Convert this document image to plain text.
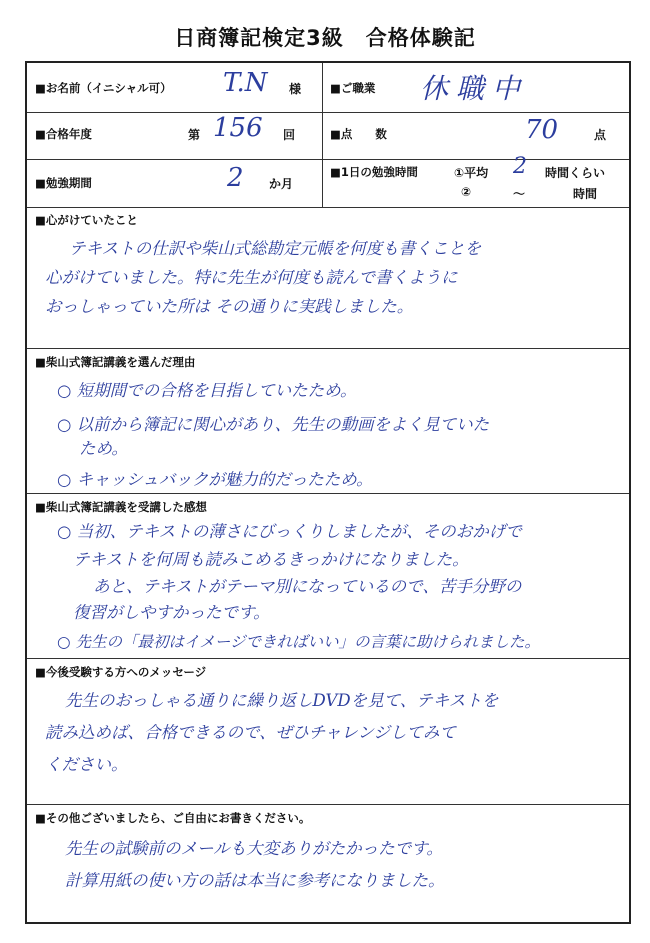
日商簿記検定3級　合格体験記
■お名前（イニシャル可） T.N 様	■ご職業 休職中
■合格年度	第 156 回	■点　　数	70	点
■勉強期間	2 か月
■1日の勉強時間	①平均 2 時間くらい
②	～	時間
■心がけていたこと
テキストの仕訳や柴山式総勘定元帳を何度も書くことを
心がけていました。特に先生が何度も読んで書くように
おっしゃっていた所は その通りに実践しました。
■柴山式簿記講義を選んだ理由
○ 短期間での合格を目指していたため。
○ 以前から簿記に関心があり、先生の動画をよく見ていた
ため。
○ キャッシュバックが魅力的だったため。
■柴山式簿記講義を受講した感想
○ 当初、テキストの薄さにびっくりしましたが、そのおかげで
テキストを何周も読みこめるきっかけになりました。
あと、テキストがテーマ別になっているので、苦手分野の
復習がしやすかったです。
○ 先生の「最初はイメージできればいい」の言葉に助けられました。
■今後受験する方へのメッセージ
先生のおっしゃる通りに繰り返しDVDを見て、テキストを
読み込めば、合格できるので、ぜひチャレンジしてみて
ください。
■その他ございましたら、ご自由にお書きください。
先生の試験前のメールも大変ありがたかったです。
計算用紙の使い方の話は本当に参考になりました。
